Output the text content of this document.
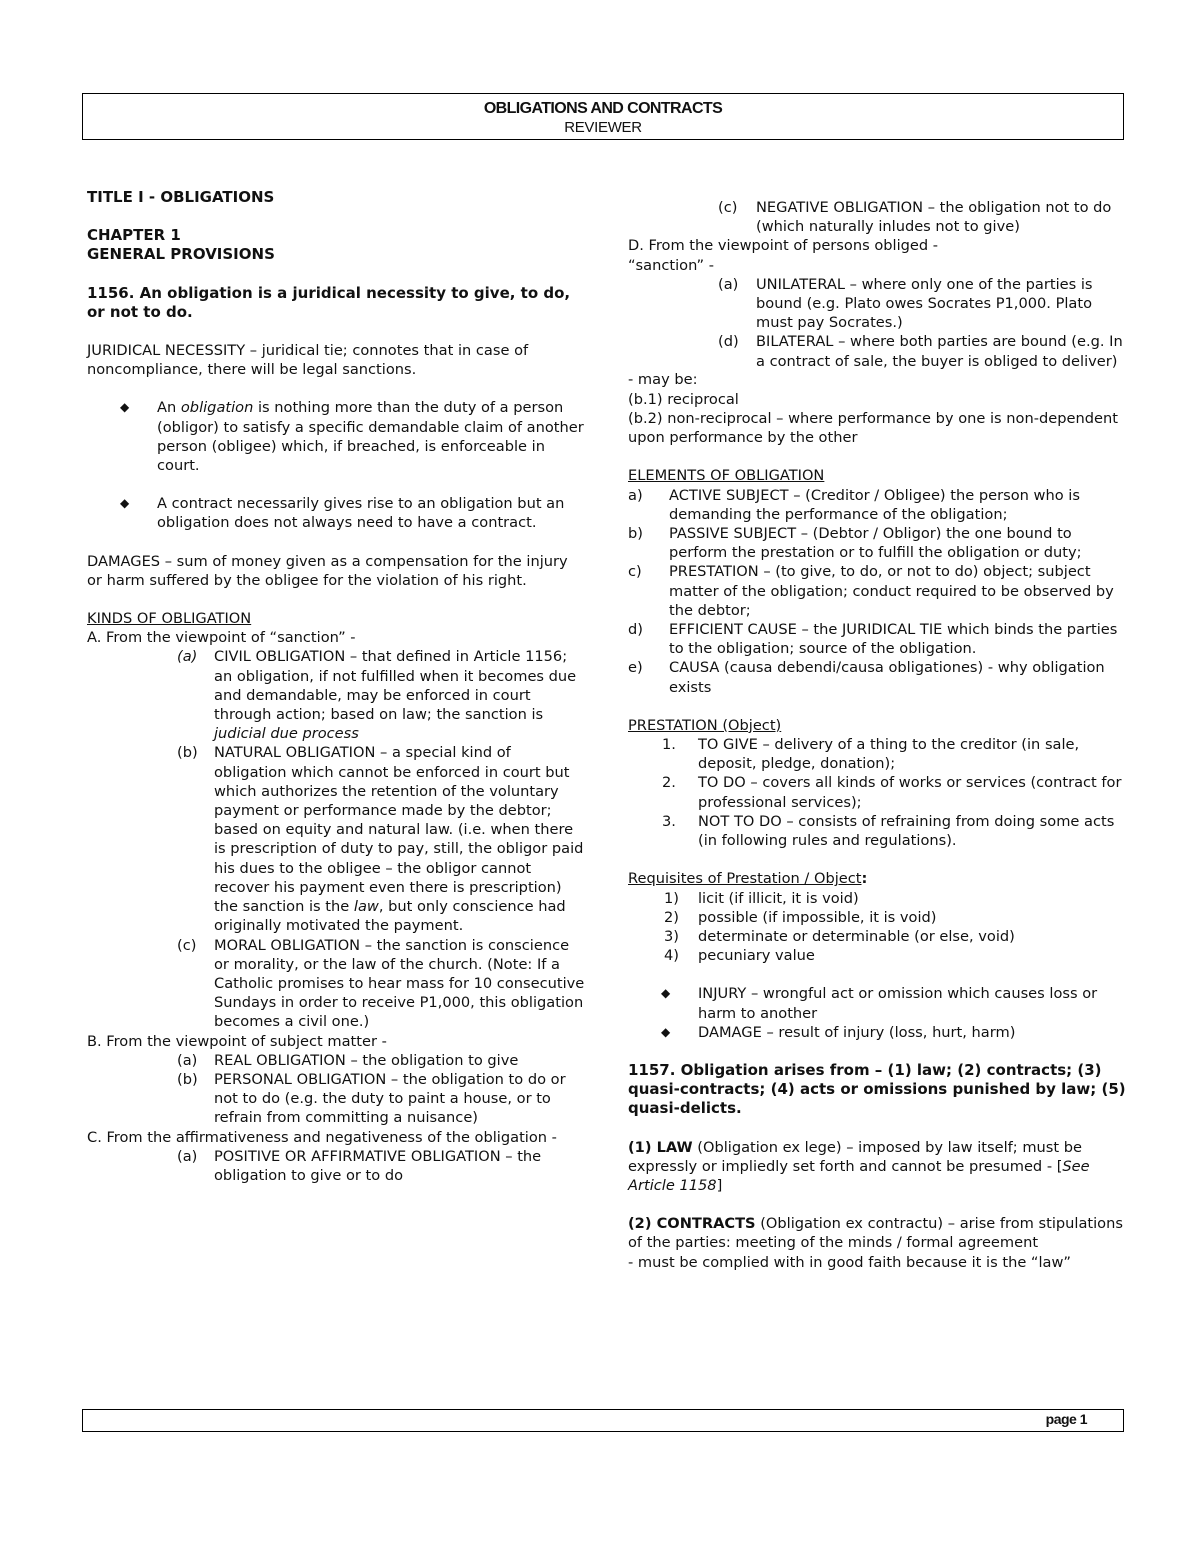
OBLIGATIONS AND CONTRACTS
REVIEWER
TITLE I - OBLIGATIONS
CHAPTER 1
GENERAL PROVISIONS
1156. An obligation is a juridical necessity to give, to do, or not to do.
JURIDICAL NECESSITY – juridical tie; connotes that in case of noncompliance, there will be legal sanctions.
◆ An obligation is nothing more than the duty of a person (obligor) to satisfy a specific demandable claim of another person (obligee) which, if breached, is enforceable in court.
◆ A contract necessarily gives rise to an obligation but an obligation does not always need to have a contract.
DAMAGES – sum of money given as a compensation for the injury or harm suffered by the obligee for the violation of his right.
KINDS OF OBLIGATION
A. From the viewpoint of “sanction” -
(a)	CIVIL OBLIGATION – that defined in Article 1156; an obligation, if not fulfilled when it becomes due and demandable, may be enforced in court through action; based on law; the sanction is judicial due process
(b)	NATURAL OBLIGATION – a special kind of obligation which cannot be enforced in court but which authorizes the retention of the voluntary payment or performance made by the debtor; based on equity and natural law. (i.e. when there is prescription of duty to pay, still, the obligor paid his dues to the obligee – the obligor cannot recover his payment even there is prescription) the sanction is the law, but only conscience had originally motivated the payment.
(c)	MORAL OBLIGATION – the sanction is conscience or morality, or the law of the church. (Note: If a Catholic promises to hear mass for 10 consecutive Sundays in order to receive P1,000, this obligation becomes a civil one.)
B. From the viewpoint of subject matter -
(a)	REAL OBLIGATION – the obligation to give
(b)	PERSONAL OBLIGATION – the obligation to do or not to do (e.g. the duty to paint a house, or to refrain from committing a nuisance)
C. From the affirmativeness and negativeness of the obligation -
(a)	POSITIVE OR AFFIRMATIVE OBLIGATION – the obligation to give or to do
(c)	NEGATIVE OBLIGATION – the obligation not to do (which naturally inludes not to give)
D. From the viewpoint of persons obliged -
“sanction” -
(a)	UNILATERAL – where only one of the parties is bound (e.g. Plato owes Socrates P1,000. Plato must pay Socrates.)
- may be:
(d)	BILATERAL – where both parties are bound (e.g. In a contract of sale, the buyer is obliged to deliver)
(b.1) reciprocal
(b.2) non-reciprocal – where performance by one is non-dependent upon performance by the other
ELEMENTS OF OBLIGATION
a)	ACTIVE SUBJECT – (Creditor / Obligee) the person who is demanding the performance of the obligation;
b)	PASSIVE SUBJECT – (Debtor / Obligor) the one bound to perform the prestation or to fulfill the obligation or duty;
c)	PRESTATION – (to give, to do, or not to do) object; subject matter of the obligation; conduct required to be observed by the debtor;
d)	EFFICIENT CAUSE – the JURIDICAL TIE which binds the parties to the obligation; source of the obligation.
e)	CAUSA (causa debendi/causa obligationes) - why obligation exists
PRESTATION (Object)
1.	TO GIVE – delivery of a thing to the creditor (in sale, deposit, pledge, donation);
2.	TO DO – covers all kinds of works or services (contract for professional services);
3.	NOT TO DO – consists of refraining from doing some acts (in following rules and regulations).
Requisites of Prestation / Object:
1)	licit (if illicit, it is void)
2)	possible (if impossible, it is void)
3)	determinate or determinable (or else, void)
4)	pecuniary value
◆ INJURY – wrongful act or omission which causes loss or harm to another
◆ DAMAGE – result of injury (loss, hurt, harm)
1157. Obligation arises from – (1) law; (2) contracts; (3) quasi-contracts; (4) acts or omissions punished by law; (5) quasi-delicts.
(1) LAW (Obligation ex lege) – imposed by law itself; must be expressly or impliedly set forth and cannot be presumed - [See Article 1158]
(2) CONTRACTS (Obligation ex contractu) – arise from stipulations of the parties: meeting of the minds / formal agreement
- must be complied with in good faith because it is the “law”
page 1
